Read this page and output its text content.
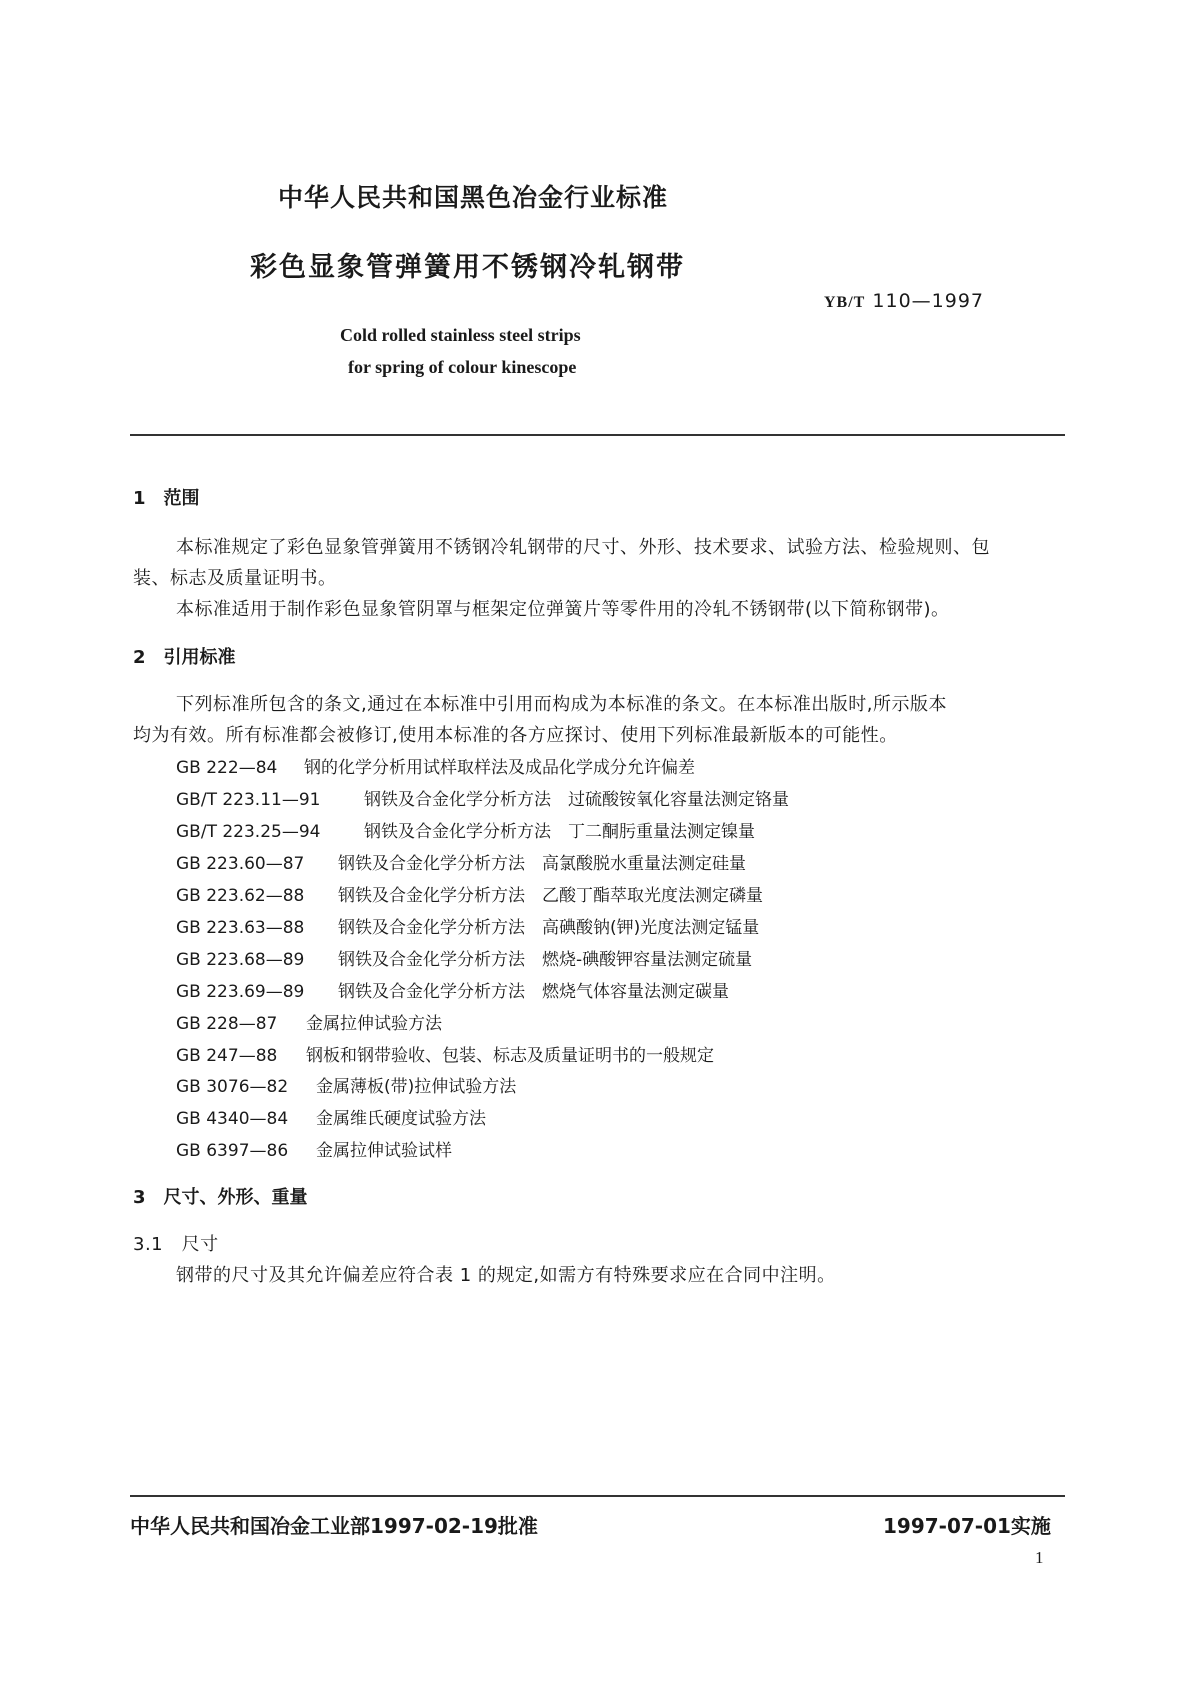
中华人民共和国黑色冶金行业标准
彩色显象管弹簧用不锈钢冷轧钢带
YB/T 110—1997
Cold rolled stainless steel strips
for spring of colour kinescope
1　范围
本标准规定了彩色显象管弹簧用不锈钢冷轧钢带的尺寸、外形、技术要求、试验方法、检验规则、包
装、标志及质量证明书。
本标准适用于制作彩色显象管阴罩与框架定位弹簧片等零件用的冷轧不锈钢带(以下简称钢带)。
2　引用标准
下列标准所包含的条文,通过在本标准中引用而构成为本标准的条文。在本标准出版时,所示版本
均为有效。所有标准都会被修订,使用本标准的各方应探讨、使用下列标准最新版本的可能性。
GB 222—84 钢的化学分析用试样取样法及成品化学成分允许偏差
GB/T 223.11—91	钢铁及合金化学分析方法　过硫酸铵氧化容量法测定铬量
GB/T 223.25—94	钢铁及合金化学分析方法　丁二酮肟重量法测定镍量
GB 223.60—87 钢铁及合金化学分析方法　高氯酸脱水重量法测定硅量
GB 223.62—88 钢铁及合金化学分析方法　乙酸丁酯萃取光度法测定磷量
GB 223.63—88 钢铁及合金化学分析方法　高碘酸钠(钾)光度法测定锰量
GB 223.68—89 钢铁及合金化学分析方法　燃烧-碘酸钾容量法测定硫量
GB 223.69—89 钢铁及合金化学分析方法　燃烧气体容量法测定碳量
GB 228—87 金属拉伸试验方法
GB 247—88 钢板和钢带验收、包装、标志及质量证明书的一般规定
GB 3076—82 金属薄板(带)拉伸试验方法
GB 4340—84 金属维氏硬度试验方法
GB 6397—86 金属拉伸试验试样
3　尺寸、外形、重量
3.1　尺寸
钢带的尺寸及其允许偏差应符合表 1 的规定,如需方有特殊要求应在合同中注明。
中华人民共和国冶金工业部1997-02-19批准	1997-07-01实施
1
